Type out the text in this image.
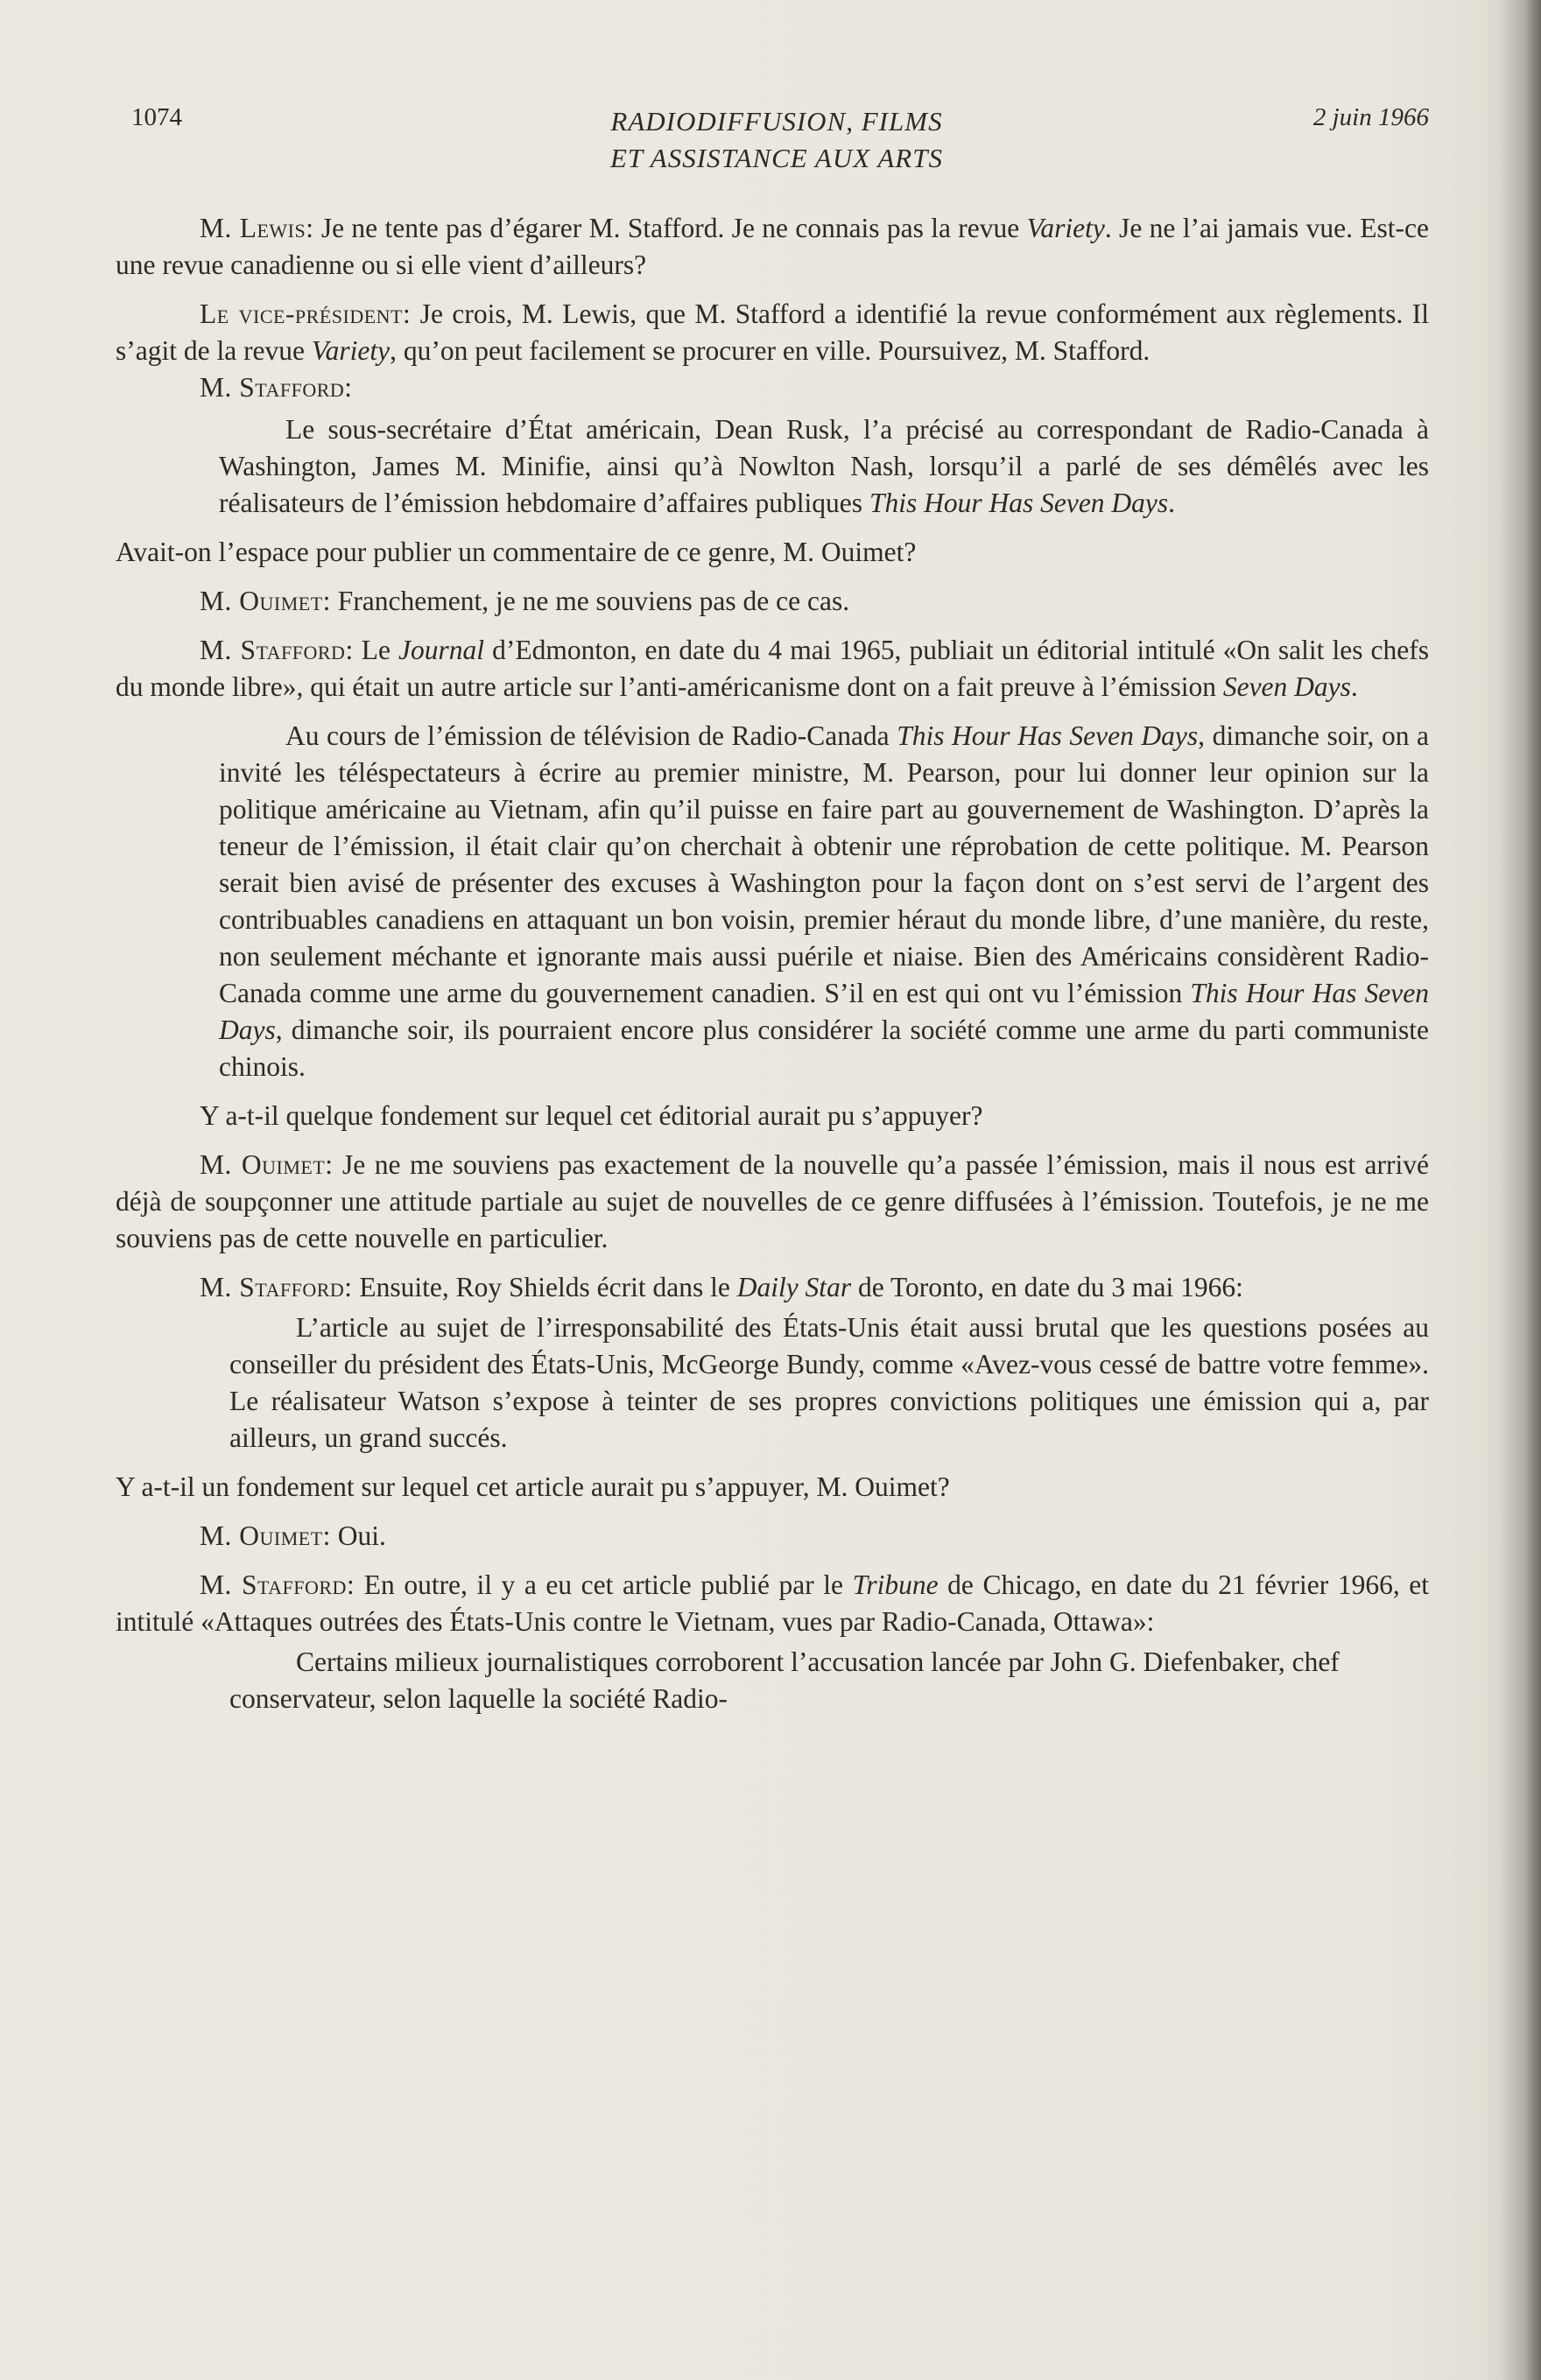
1074	RADIODIFFUSION, FILMS
ET ASSISTANCE AUX ARTS
2 juin 1966

M. Lewis: Je ne tente pas d’égarer M. Stafford. Je ne connais pas la revue Variety. Je ne l’ai jamais vue. Est-ce une revue canadienne ou si elle vient d’ailleurs?

Le vice-président: Je crois, M. Lewis, que M. Stafford a identifié la revue conformément aux règlements. Il s’agit de la revue Variety, qu’on peut facilement se procurer en ville. Poursuivez, M. Stafford.

M. Stafford:

Le sous-secrétaire d’État américain, Dean Rusk, l’a précisé au correspondant de Radio-Canada à Washington, James M. Minifie, ainsi qu’à Nowlton Nash, lorsqu’il a parlé de ses démêlés avec les réalisateurs de l’émission hebdomaire d’affaires publiques This Hour Has Seven Days.

Avait-on l’espace pour publier un commentaire de ce genre, M. Ouimet?

M. Ouimet: Franchement, je ne me souviens pas de ce cas.

M. Stafford: Le Journal d’Edmonton, en date du 4 mai 1965, publiait un éditorial intitulé «On salit les chefs du monde libre», qui était un autre article sur l’anti-américanisme dont on a fait preuve à l’émission Seven Days.

Au cours de l’émission de télévision de Radio-Canada This Hour Has Seven Days, dimanche soir, on a invité les téléspectateurs à écrire au premier ministre, M. Pearson, pour lui donner leur opinion sur la politique américaine au Vietnam, afin qu’il puisse en faire part au gouvernement de Washington. D’après la teneur de l’émission, il était clair qu’on cherchait à obtenir une réprobation de cette politique. M. Pearson serait bien avisé de présenter des excuses à Washington pour la façon dont on s’est servi de l’argent des contribuables canadiens en attaquant un bon voisin, premier héraut du monde libre, d’une manière, du reste, non seulement méchante et ignorante mais aussi puérile et niaise. Bien des Américains considèrent Radio-Canada comme une arme du gouvernement canadien. S’il en est qui ont vu l’émission This Hour Has Seven Days, dimanche soir, ils pourraient encore plus considérer la société comme une arme du parti communiste chinois.

Y a-t-il quelque fondement sur lequel cet éditorial aurait pu s’appuyer?

M. Ouimet: Je ne me souviens pas exactement de la nouvelle qu’a passée l’émission, mais il nous est arrivé déjà de soupçonner une attitude partiale au sujet de nouvelles de ce genre diffusées à l’émission. Toutefois, je ne me souviens pas de cette nouvelle en particulier.

M. Stafford: Ensuite, Roy Shields écrit dans le Daily Star de Toronto, en date du 3 mai 1966:

L’article au sujet de l’irresponsabilité des États-Unis était aussi brutal que les questions posées au conseiller du président des États-Unis, McGeorge Bundy, comme «Avez-vous cessé de battre votre femme». Le réalisateur Watson s’expose à teinter de ses propres convictions politiques une émission qui a, par ailleurs, un grand succés.

Y a-t-il un fondement sur lequel cet article aurait pu s’appuyer, M. Ouimet?

M. Ouimet: Oui.

M. Stafford: En outre, il y a eu cet article publié par le Tribune de Chicago, en date du 21 février 1966, et intitulé «Attaques outrées des États-Unis contre le Vietnam, vues par Radio-Canada, Ottawa»:

Certains milieux journalistiques corroborent l’accusation lancée par John G. Diefenbaker, chef conservateur, selon laquelle la société Radio-
